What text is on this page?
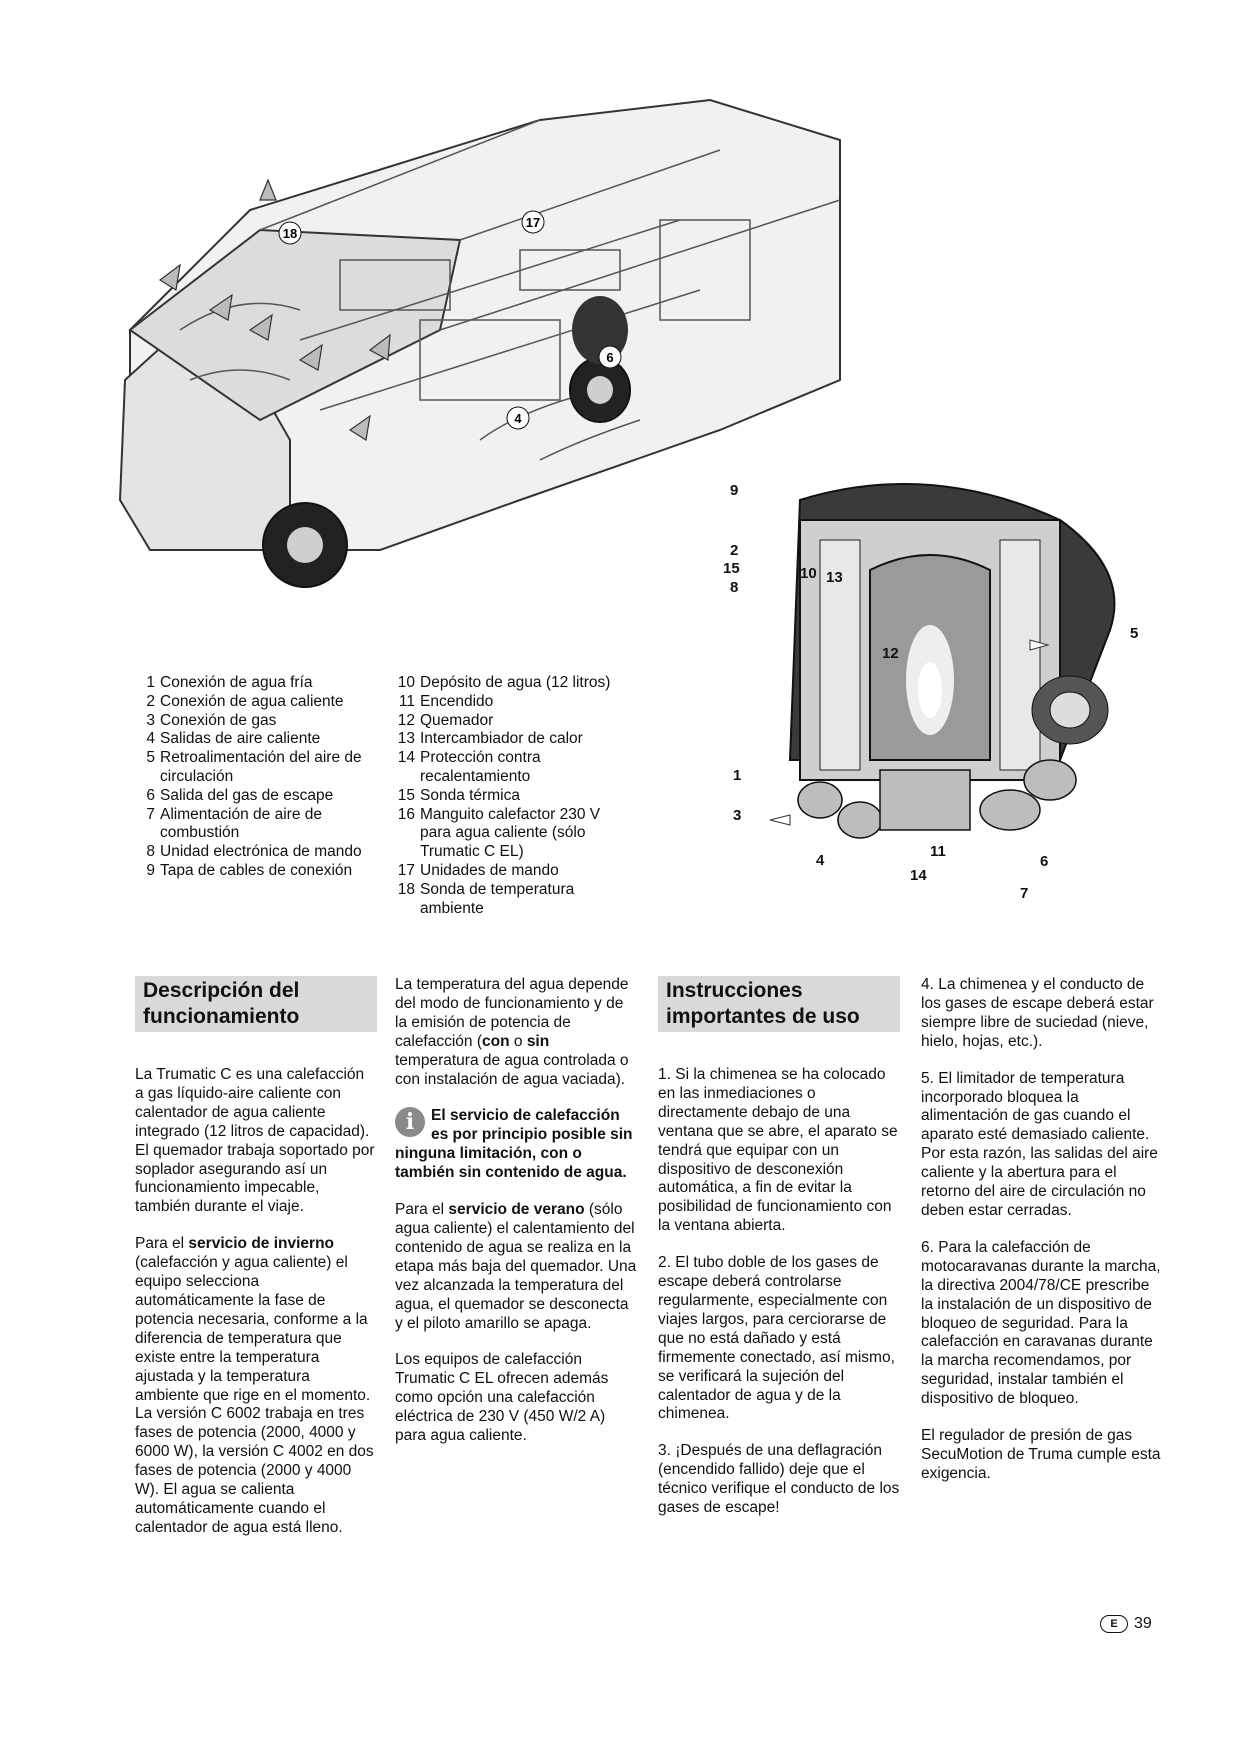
18
17
6
4
9
2
15
8
10 13
16	12
1
3
4
11
14
6
7
5
1 Conexión de agua fría
2 Conexión de agua caliente
3 Conexión de gas
4 Salidas de aire caliente
5 Retroalimentación del aire de circulación
6 Salida del gas de escape
7 Alimentación de aire de combustión
8 Unidad electrónica de mando
9 Tapa de cables de conexión
10 Depósito de agua (12 litros)
11 Encendido
12 Quemador
13 Intercambiador de calor
14 Protección contra recalentamiento
15 Sonda térmica
16 Manguito calefactor 230 V para agua caliente (sólo Trumatic C EL)
17 Unidades de mando
18 Sonda de temperatura ambiente
Descripción del funcionamiento

La Trumatic C es una calefacción a gas líquido-aire caliente con calentador de agua caliente integrado (12 litros de capacidad). El quemador trabaja soportado por soplador asegurando así un funcionamiento impecable, también durante el viaje.

Para el servicio de invierno (calefacción y agua caliente) el equipo selecciona automáticamente la fase de potencia necesaria, conforme a la diferencia de temperatura que existe entre la temperatura ajustada y la temperatura ambiente que rige en el momento. La versión C 6002 trabaja en tres fases de potencia (2000, 4000 y 6000 W), la versión C 4002 en dos fases de potencia (2000 y 4000 W). El agua se calienta automáticamente cuando el calentador de agua está lleno.

La temperatura del agua depende del modo de funcionamiento y de la emisión de potencia de calefacción (con o sin temperatura de agua controlada o con instalación de agua vaciada).

i	El servicio de calefacción es por principio posible sin ninguna limitación, con o también sin contenido de agua.

Para el servicio de verano (sólo agua caliente) el calentamiento del contenido de agua se realiza en la etapa más baja del quemador. Una vez alcanzada la temperatura del agua, el quemador se desconecta y el piloto amarillo se apaga.

Los equipos de calefacción Trumatic C EL ofrecen además como opción una calefacción eléctrica de 230 V (450 W/2 A) para agua caliente.

Instrucciones importantes de uso

1. Si la chimenea se ha colocado en las inmediaciones o directamente debajo de una ventana que se abre, el aparato se tendrá que equipar con un dispositivo de desconexión automática, a fin de evitar la posibilidad de funcionamiento con la ventana abierta.

2. El tubo doble de los gases de escape deberá controlarse regularmente, especialmente con viajes largos, para cerciorarse de que no está dañado y está firmemente conectado, así mismo, se verificará la sujeción del calentador de agua y de la chimenea.

3. ¡Después de una deflagración (encendido fallido) deje que el técnico verifique el conducto de los gases de escape!

4. La chimenea y el conducto de los gases de escape deberá estar siempre libre de suciedad (nieve, hielo, hojas, etc.).

5. El limitador de temperatura incorporado bloquea la alimentación de gas cuando el aparato esté demasiado caliente. Por esta razón, las salidas del aire caliente y la abertura para el retorno del aire de circulación no deben estar cerradas.

6. Para la calefacción de motocaravanas durante la marcha, la directiva 2004/78/CE prescribe la instalación de un dispositivo de bloqueo de seguridad. Para la calefacción en caravanas durante la marcha recomendamos, por seguridad, instalar también el dispositivo de bloqueo.

El regulador de presión de gas SecuMotion de Truma cumple esta exigencia.

E	39
